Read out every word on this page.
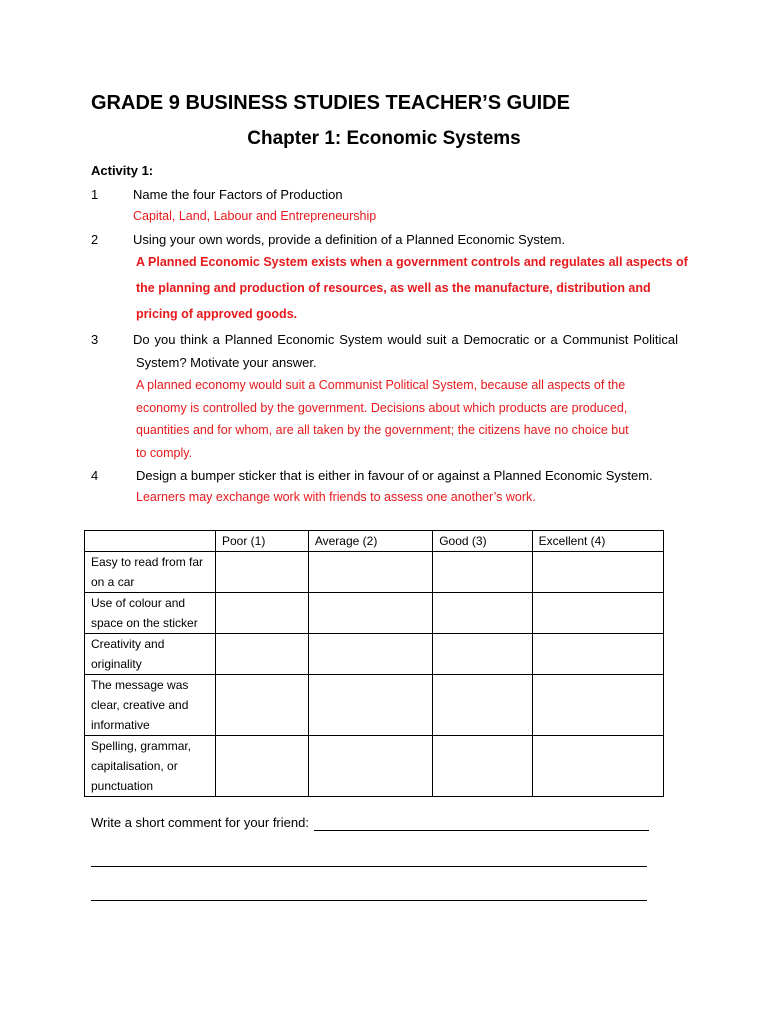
GRADE 9 BUSINESS STUDIES TEACHER’S GUIDE
Chapter 1: Economic Systems
Activity 1:
1	Name the four Factors of Production
Capital, Land, Labour and Entrepreneurship
2	Using your own words, provide a definition of a Planned Economic System.
A Planned Economic System exists when a government controls and regulates all aspects of
the planning and production of resources, as well as the manufacture, distribution and
pricing of approved goods.
3	Do you think a Planned Economic System would suit a Democratic or a Communist Political
System? Motivate your answer.
A planned economy would suit a Communist Political System, because all aspects of the
economy is controlled by the government. Decisions about which products are produced,
quantities and for whom, are all taken by the government; the citizens have no choice but
to comply.
4	Design a bumper sticker that is either in favour of or against a Planned Economic System.
Learners may exchange work with friends to assess one another’s work.
	Poor (1)	Average (2)	Good (3)	Excellent (4)

Easy to read from far
on a car				

Use of colour and
space on the sticker				

Creativity and
originality				

The message was
clear, creative and
informative				

Spelling, grammar,
capitalisation, or
punctuation				

Write a short comment for your friend:
